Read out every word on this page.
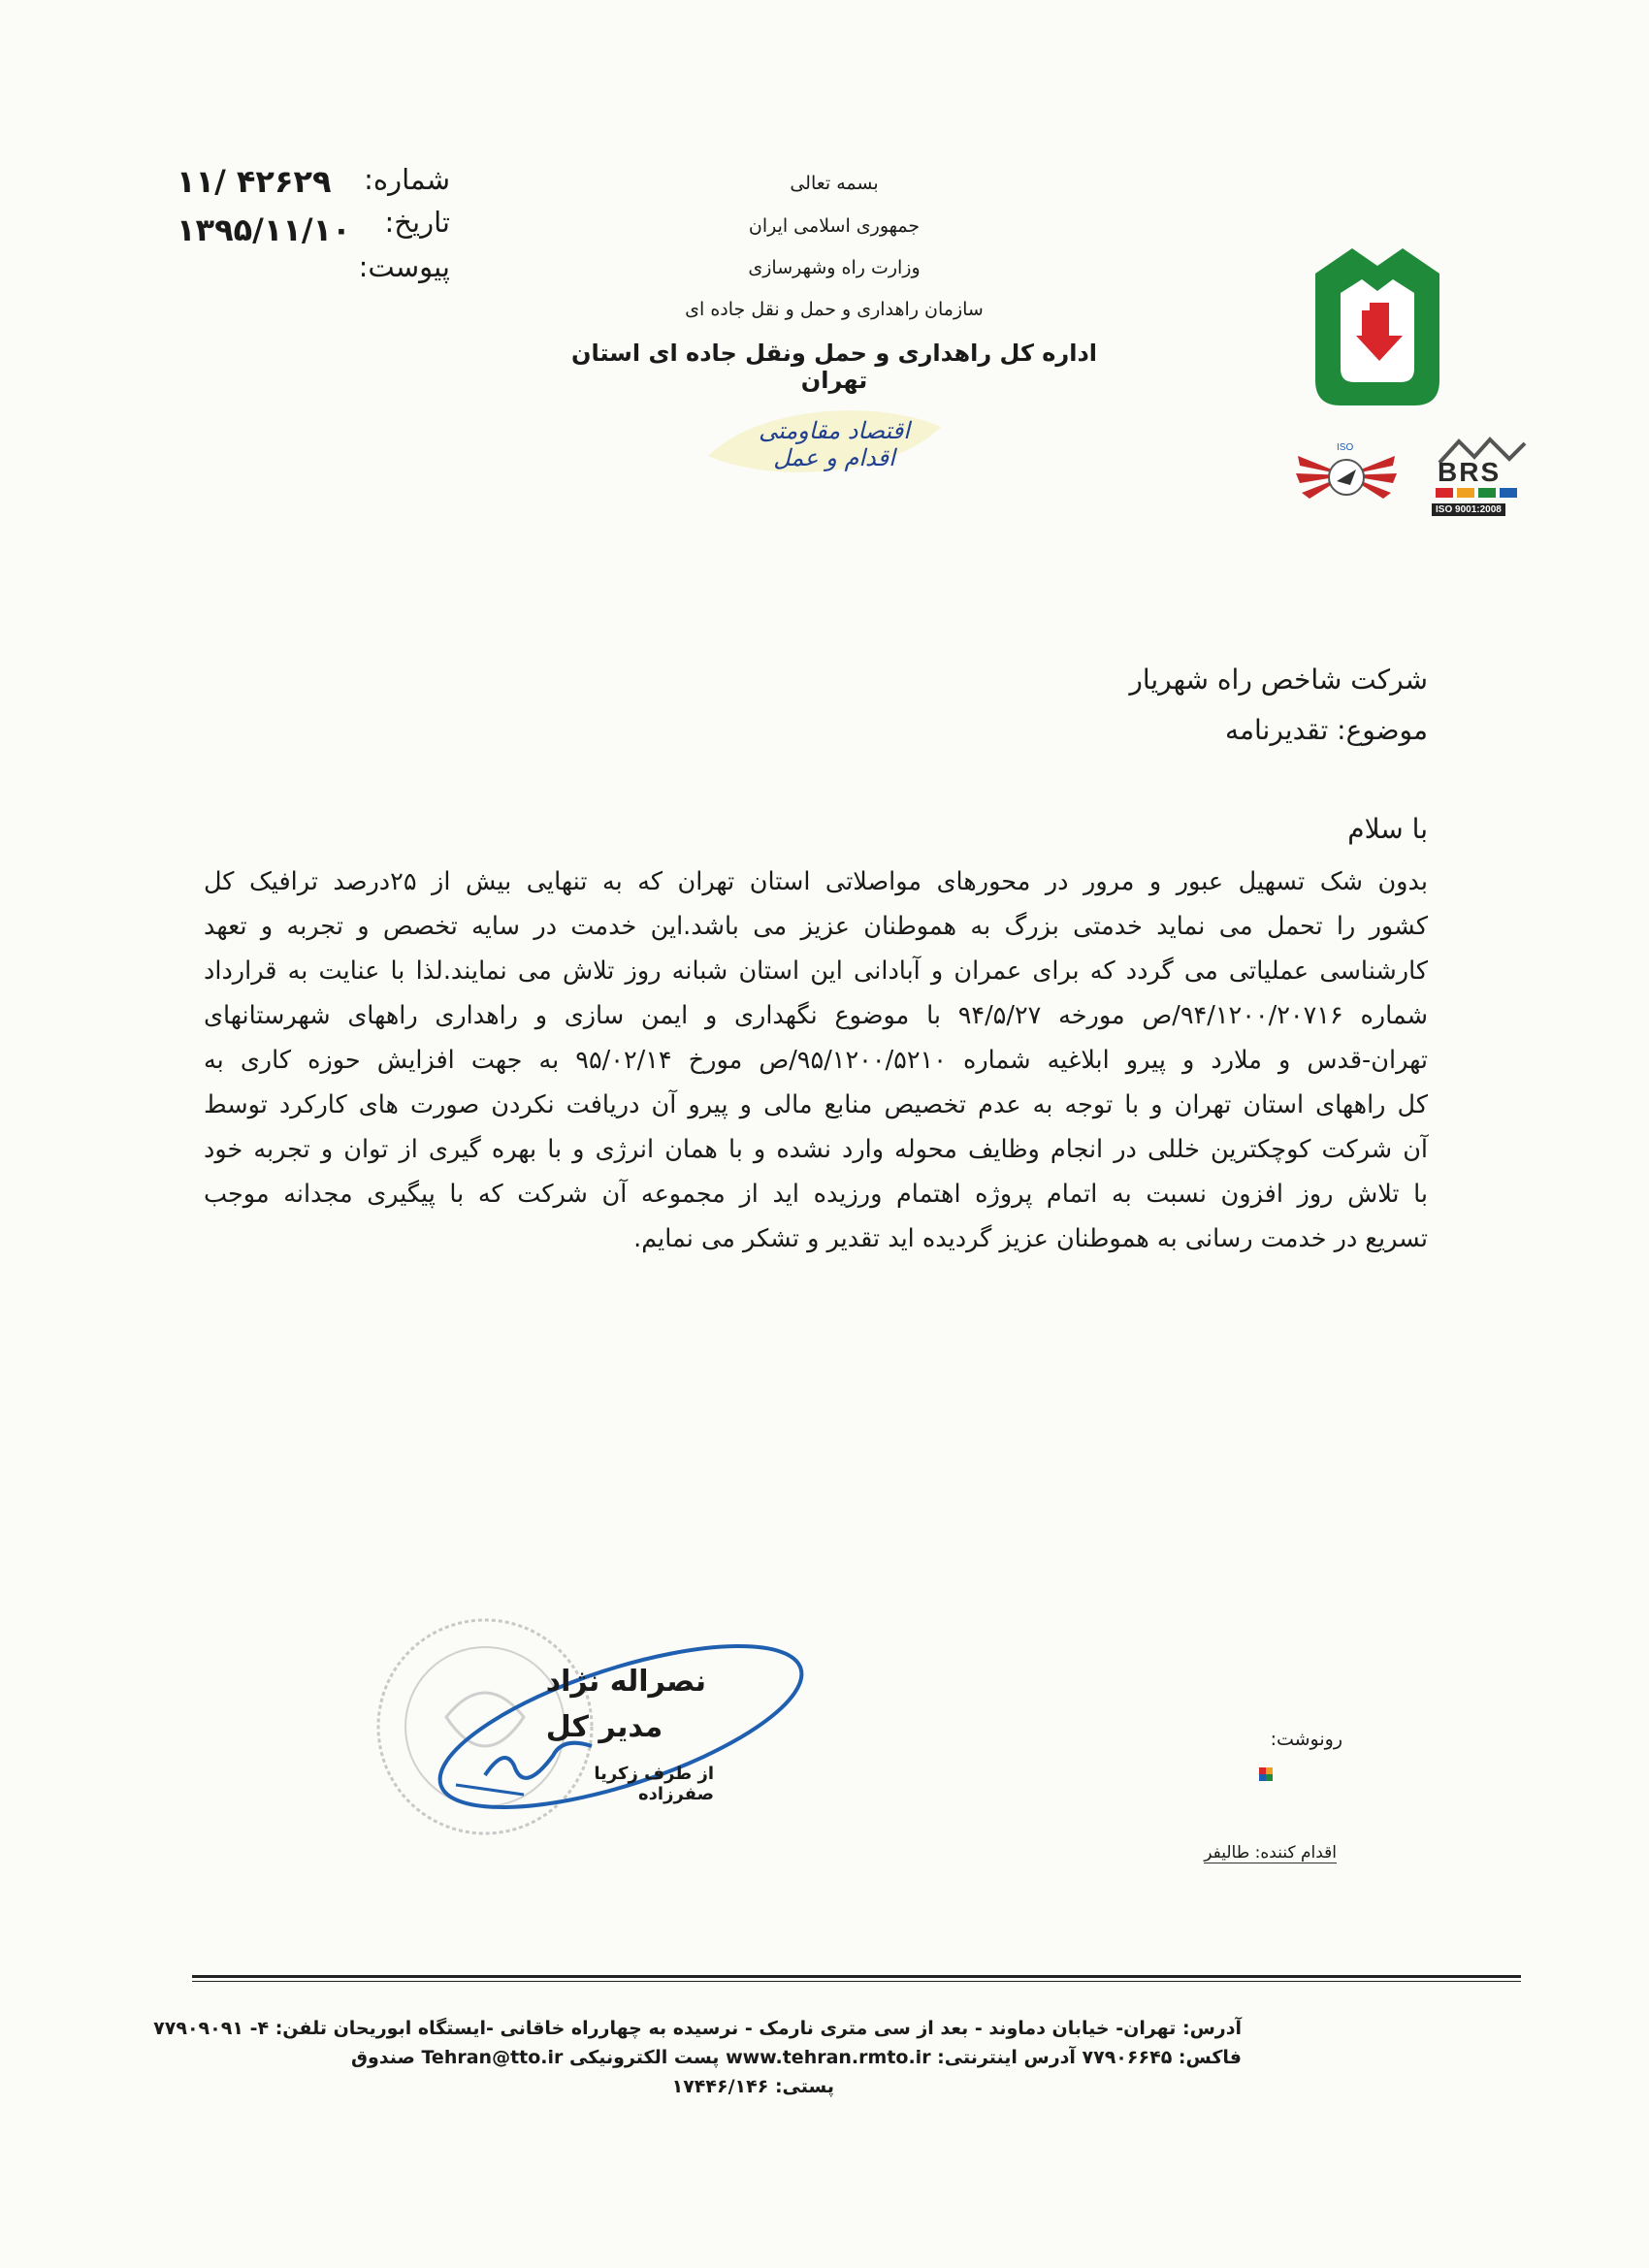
بسمه تعالی
جمهوری اسلامی ایران
وزارت راه وشهرسازی
سازمان راهداری و حمل و نقل جاده ای
اداره کل راهداری و حمل ونقل جاده ای استان تهران
اقتصاد مقاومتی اقدام و عمل
شماره:
تاریخ:
پیوست:
۱۱/ ۴۲۶۲۹
۱۳۹۵/۱۱/۱۰
BRS
ISO 9001:2008
ISO
شرکت شاخص راه شهریار
موضوع: تقدیرنامه
با سلام

بدون شک تسهیل عبور و مرور در محورهای مواصلاتی استان تهران که به تنهایی بیش از ۲۵درصد ترافیک کل

کشور را تحمل می نماید خدمتی بزرگ به هموطنان عزیز می باشد.این خدمت در سایه تخصص و تجربه و تعهد

کارشناسی عملیاتی می گردد که برای عمران و آبادانی این استان شبانه روز تلاش می نمایند.لذا با عنایت به قرارداد

شماره ۹۴/۱۲۰۰/۲۰۷۱۶/ص مورخه ۹۴/۵/۲۷ با موضوع نگهداری و ایمن سازی و راهداری راههای شهرستانهای

تهران-قدس و ملارد و پیرو ابلاغیه شماره ۹۵/۱۲۰۰/۵۲۱۰/ص مورخ ۹۵/۰۲/۱۴ به جهت افزایش حوزه کاری به

کل راههای استان تهران و با توجه به عدم تخصیص منابع مالی و پیرو آن دریافت نکردن صورت های کارکرد توسط

آن شرکت کوچکترین خللی در انجام وظایف محوله وارد نشده و با همان انرژی و با بهره گیری از توان و تجربه خود

با تلاش روز افزون نسبت به اتمام پروژه اهتمام ورزیده اید از مجموعه آن شرکت که با پیگیری مجدانه موجب

تسریع در خدمت رسانی به هموطنان عزیز گردیده اید تقدیر و تشکر می نمایم.

نصراله نژاد
مدیر کل
از طرف زکریا صفرزاده
رونوشت:
اقدام کننده: طالیفر
آدرس: تهران- خیابان دماوند - بعد از سی متری نارمک - نرسیده به چهارراه خاقانی -ایستگاه ابوریحان تلفن: ۴- ۷۷۹۰۹۰۹۱
فاکس: ۷۷۹۰۶۶۴۵ آدرس اینترنتی: www.tehran.rmto.ir پست الکترونیکی Tehran@tto.ir صندوق
پستی: ۱۷۴۴۶/۱۴۶
